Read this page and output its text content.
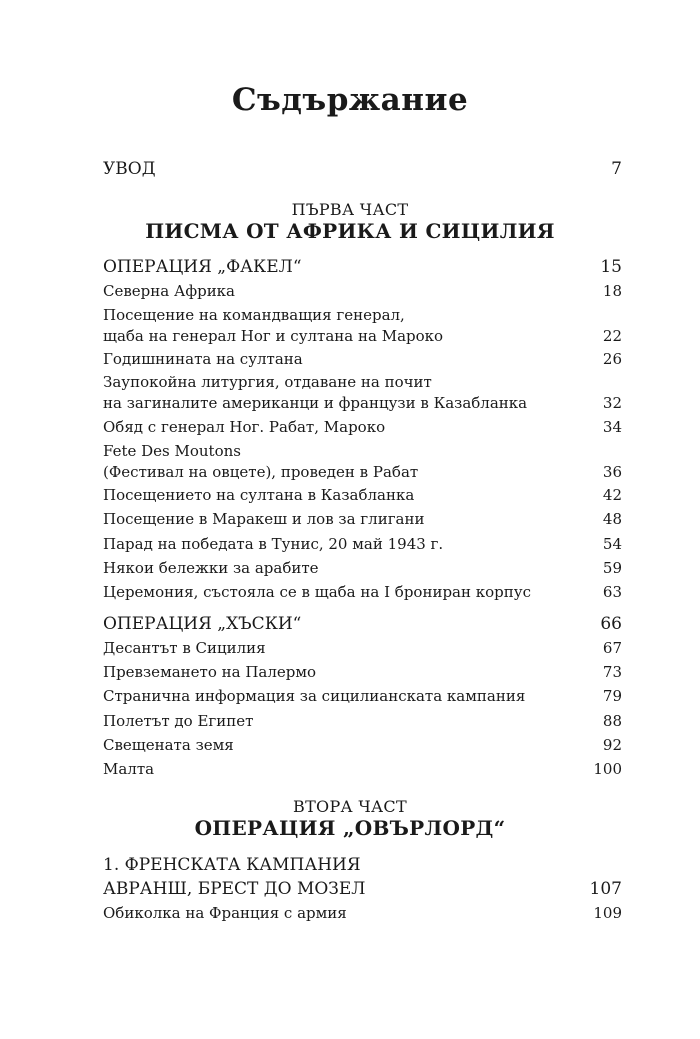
Съдържание
УВОД	7
ПЪРВА ЧАСТ
ПИСМА ОТ АФРИКА И СИЦИЛИЯ
ОПЕРАЦИЯ „ФАКЕЛ“	15
Северна Африка	18
Посещение на командващия генерал,
щаба на генерал Ног и султана на Мароко	22
Годишнината на султана	26
Заупокойна литургия, отдаване на почит
на загиналите американци и французи в Казабланка	32
Обяд с генерал Ног. Рабат, Мароко	34
Fete Des Moutons
(Фестивал на овцете), проведен в Рабат	36
Посещението на султана в Казабланка	42
Посещение в Маракеш и лов за глигани	48
Парад на победата в Тунис, 20 май 1943 г.	54
Някои бележки за арабите	59
Церемония, състояла се в щаба на I брониран корпус	63
ОПЕРАЦИЯ „ХЪСКИ“	66
Десантът в Сицилия	67
Превземането на Палермо	73
Странична информация за сицилианската кампания	79
Полетът до Египет	88
Свещената земя	92
Малта	100
ВТОРА ЧАСТ
ОПЕРАЦИЯ „ОВЪРЛОРД“
1. ФРЕНСКАТА КАМПАНИЯ
АВРАНШ, БРЕСТ ДО МОЗЕЛ	107
Обиколка на Франция с армия	109
